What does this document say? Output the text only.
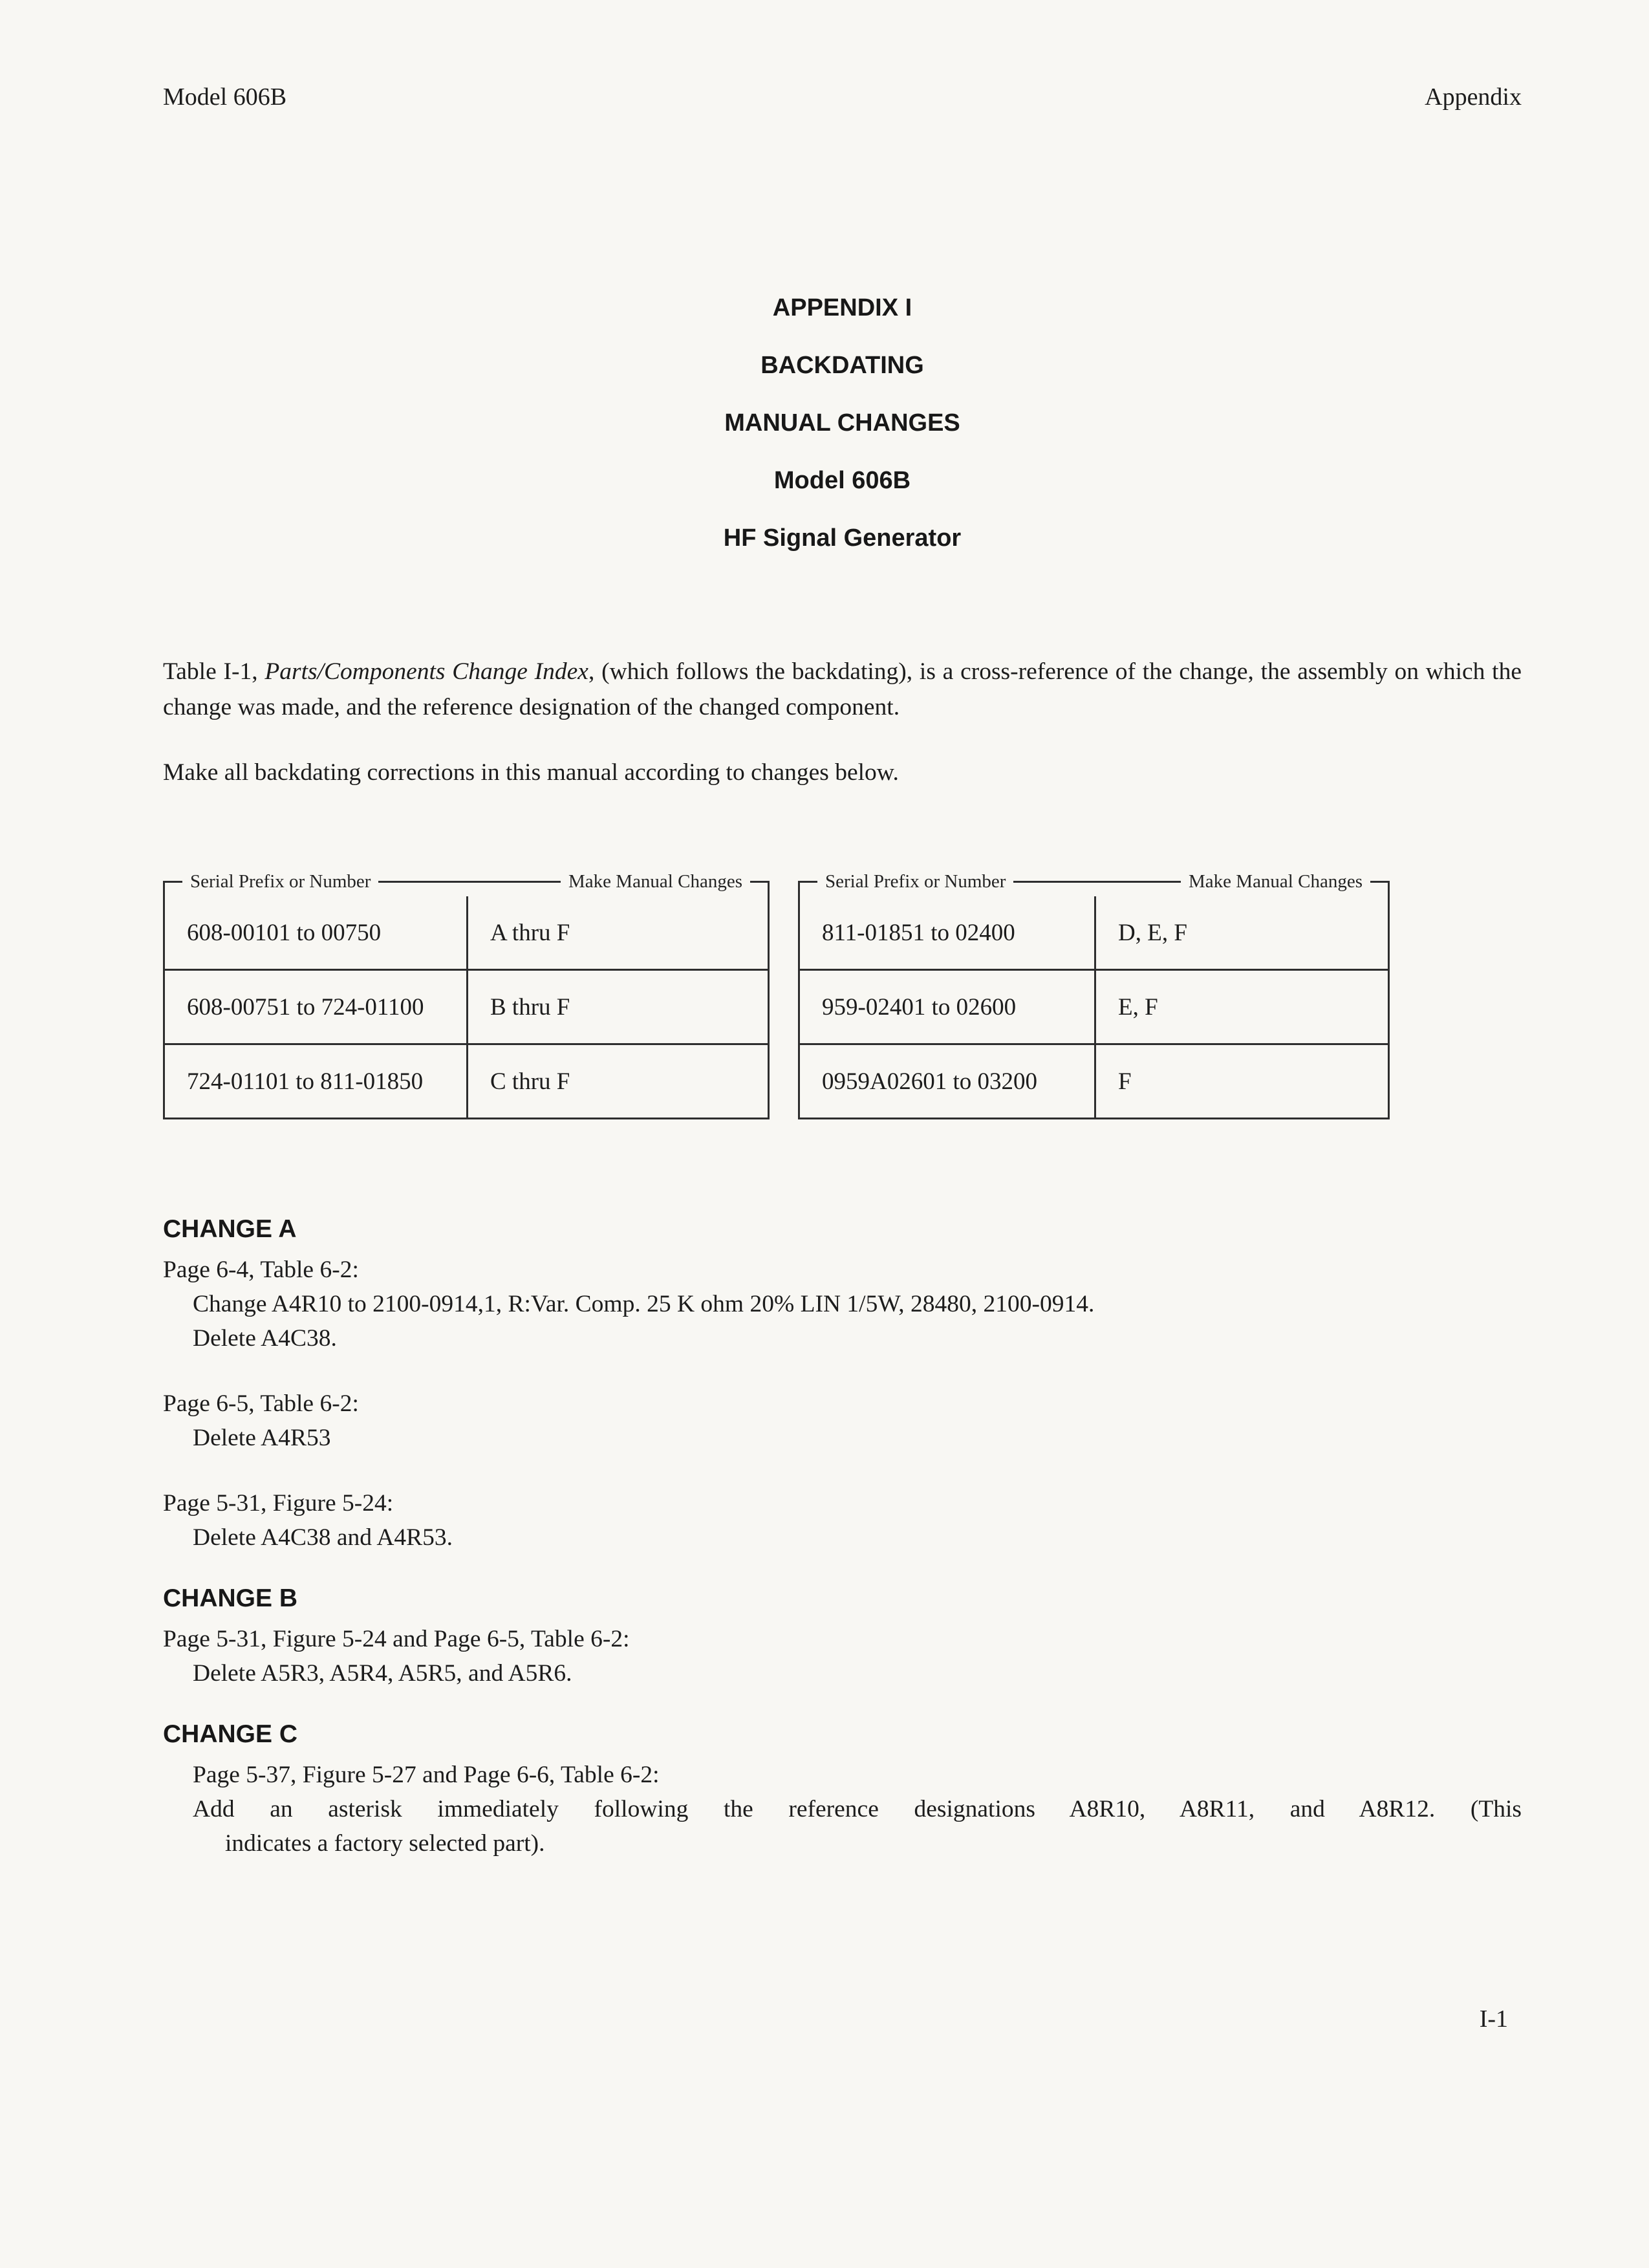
Model 606B	Appendix
APPENDIX I
BACKDATING
MANUAL CHANGES
Model 606B
HF Signal Generator

Table I-1, Parts/Components Change Index, (which follows the backdating), is a cross-reference of the change, the assembly on which the change was made, and the reference designation of the changed component.

Make all backdating corrections in this manual according to changes below.

Serial Prefix or Number	Make Manual Changes
608-00101 to 00750	A thru F
608-00751 to 724-01100	B thru F
724-01101 to 811-01850	C thru F
Serial Prefix or Number	Make Manual Changes
811-01851 to 02400	D, E, F
959-02401 to 02600	E, F
0959A02601 to 03200	F
CHANGE A
Page 6-4, Table 6-2:
Change A4R10 to 2100-0914,1, R:Var. Comp. 25 K ohm 20% LIN 1/5W, 28480, 2100-0914.
Delete A4C38.
Page 6-5, Table 6-2:
Delete A4R53
Page 5-31, Figure 5-24:
Delete A4C38 and A4R53.
CHANGE B
Page 5-31, Figure 5-24 and Page 6-5, Table 6-2:
Delete A5R3, A5R4, A5R5, and A5R6.
CHANGE C
Page 5-37, Figure 5-27 and Page 6-6, Table 6-2:
Add an asterisk immediately following the reference designations A8R10, A8R11, and A8R12. (This
indicates a factory selected part).
I-1
